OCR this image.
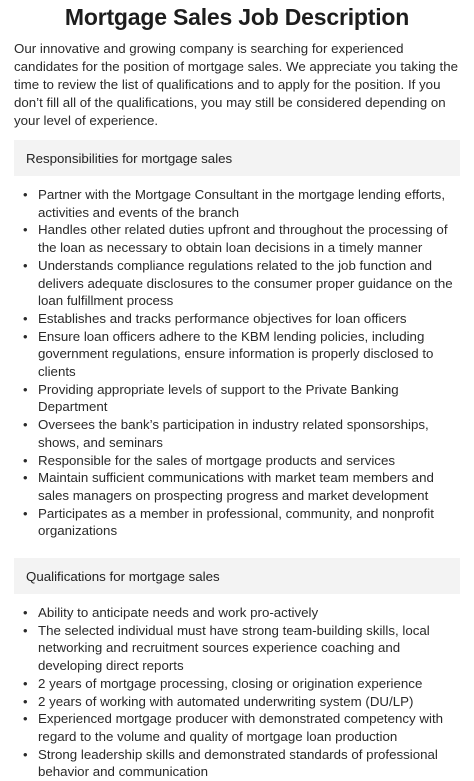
Mortgage Sales Job Description

Our innovative and growing company is searching for experienced candidates for the position of mortgage sales. We appreciate you taking the time to review the list of qualifications and to apply for the position. If you don’t fill all of the qualifications, you may still be considered depending on your level of experience.

Responsibilities for mortgage sales
• Partner with the Mortgage Consultant in the mortgage lending efforts, activities and events of the branch
• Handles other related duties upfront and throughout the processing of the loan as necessary to obtain loan decisions in a timely manner
• Understands compliance regulations related to the job function and delivers adequate disclosures to the consumer proper guidance on the loan fulfillment process
• Establishes and tracks performance objectives for loan officers
• Ensure loan officers adhere to the KBM lending policies, including government regulations, ensure information is properly disclosed to clients
• Providing appropriate levels of support to the Private Banking Department
• Oversees the bank’s participation in industry related sponsorships, shows, and seminars
• Responsible for the sales of mortgage products and services
• Maintain sufficient communications with market team members and sales managers on prospecting progress and market development
• Participates as a member in professional, community, and nonprofit organizations
Qualifications for mortgage sales
• Ability to anticipate needs and work pro-actively
• The selected individual must have strong team-building skills, local networking and recruitment sources experience coaching and developing direct reports
• 2 years of mortgage processing, closing or origination experience
• 2 years of working with automated underwriting system (DU/LP)
• Experienced mortgage producer with demonstrated competency with regard to the volume and quality of mortgage loan production
• Strong leadership skills and demonstrated standards of professional behavior and communication
